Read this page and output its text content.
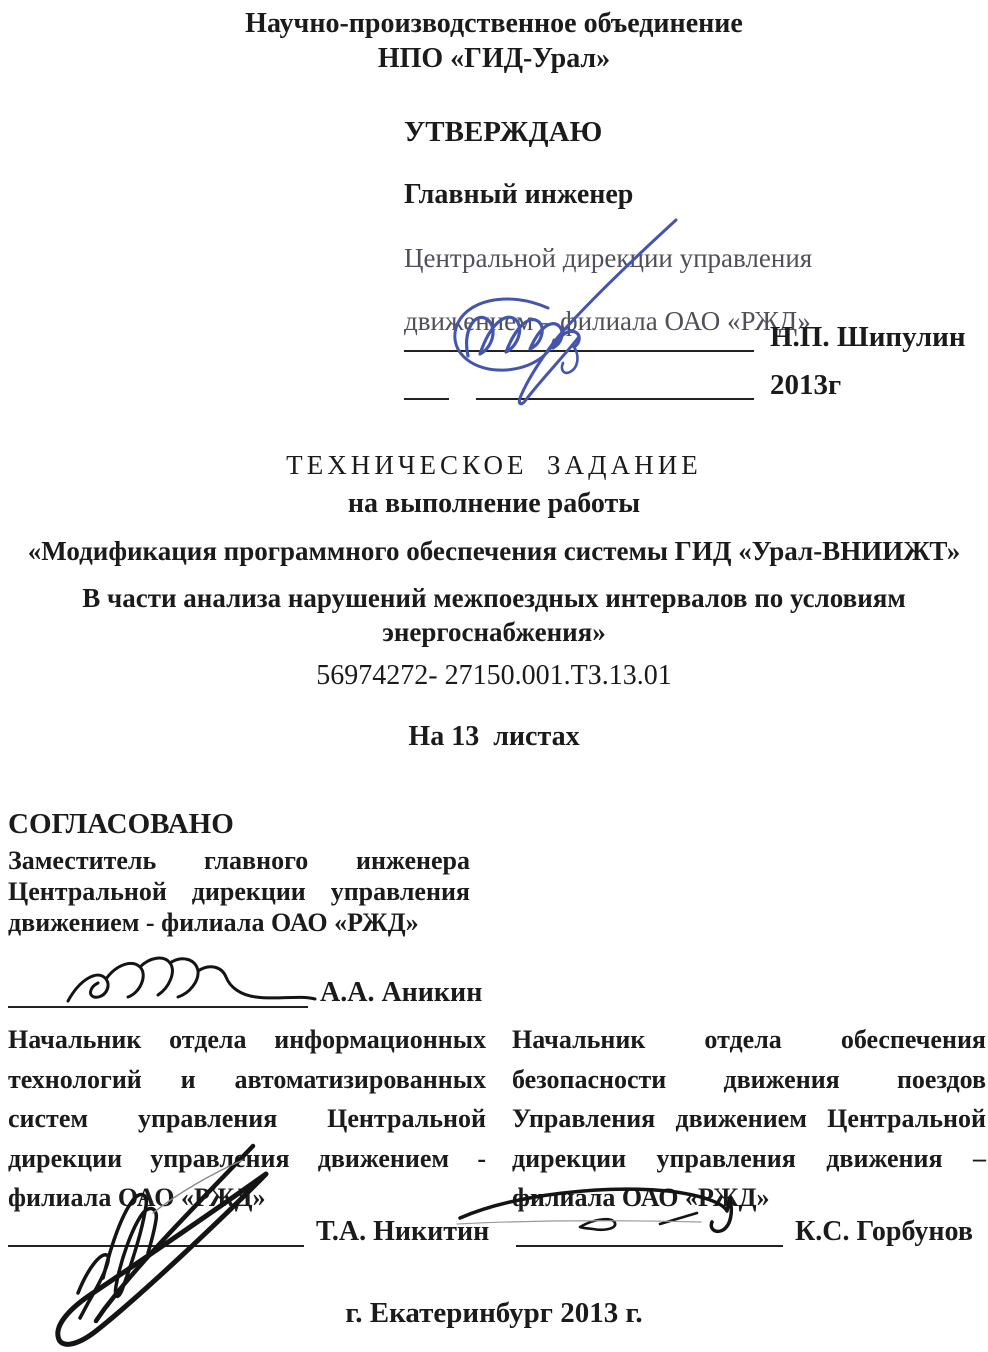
Научно-производственное объединение
НПО «ГИД-Урал»

УТВЕРЖДАЮ

Главный инженер

Центральной дирекции управления

движением – филиала ОАО «РЖД»

Н.П. Шипулин
2013г
ТЕХНИЧЕСКОЕ ЗАДАНИЕ
на выполнение работы
«Модификация программного обеспечения системы ГИД «Урал-ВНИИЖТ»
В части анализа нарушений межпоездных интервалов по условиям
энергоснабжения»
56974272- 27150.001.ТЗ.13.01
На 13  листах
СОГЛАСОВАНО
Заместитель главного инженера Центральной дирекции управления движением - филиала ОАО «РЖД»
А.А. Аникин
Начальник отдела информационных технологий и автоматизированных систем управления Центральной дирекции управления движением - филиала ОАО «РЖД»
Начальник отдела обеспечения безопасности движения поездов Управления движением Центральной дирекции управления движения – филиала ОАО «РЖД»
Т.А. Никитин	К.С. Горбунов
г. Екатеринбург 2013 г.
